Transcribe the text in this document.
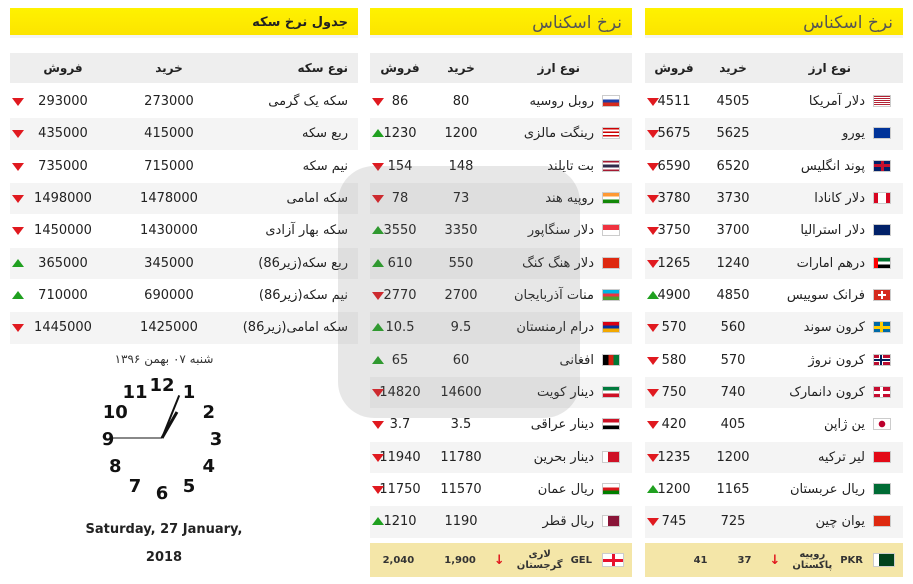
جدول نرخ سکه
نوع سکه
خرید
فروش
سکه یک گرمی
273000
293000
ربع سکه
415000
435000
نیم سکه
715000
735000
سکه امامی
1478000
1498000
سکه بهار آزادی
1430000
1450000
ربع سکه(زیر86)
345000
365000
نیم سکه(زیر86)
690000
710000
سکه امامی(زیر86)
1425000
1445000
شنبه ۰۷ بهمن ۱۳۹۶
12 1
2
3
4
5
6
7
8
9
10
11
Saturday, 27 January,
2018
نرخ اسکناس
نوع ارز
خرید
فروش
روبل روسیه
80
86
رینگت مالزی
1200
1230
بت تایلند
148
154
روپیه هند
73
78
دلار سنگاپور
3350
3550
دلار هنگ کنگ
550
610
منات آذربایجان
2700
2770
درام ارمنستان
9.5
10.5
افغانی
60
65
دینار کویت
14600
14820
دینار عراقی
3.5
3.7
دینار بحرین
11780
11940
ریال عمان
11570
11750
ریال قطر
1190
1210
GEL
لاری
گرجستان
↓
1,900
2,040
نرخ اسکناس
نوع ارز
خرید
فروش
دلار آمریکا
4505
4511
یورو
5625
5675
پوند انگلیس
6520
6590
دلار کانادا
3730
3780
دلار استرالیا
3700
3750
درهم امارات
1240
1265
فرانک سوییس
4850
4900
کرون سوند
560
570
کرون نروژ
570
580
کرون دانمارک
740
750
ین ژاپن
405
420
لیر ترکیه
1200
1235
ریال عربستان
1165
1200
یوان چین
725
745
PKR
روپیه
پاکستان
↓
37
41
